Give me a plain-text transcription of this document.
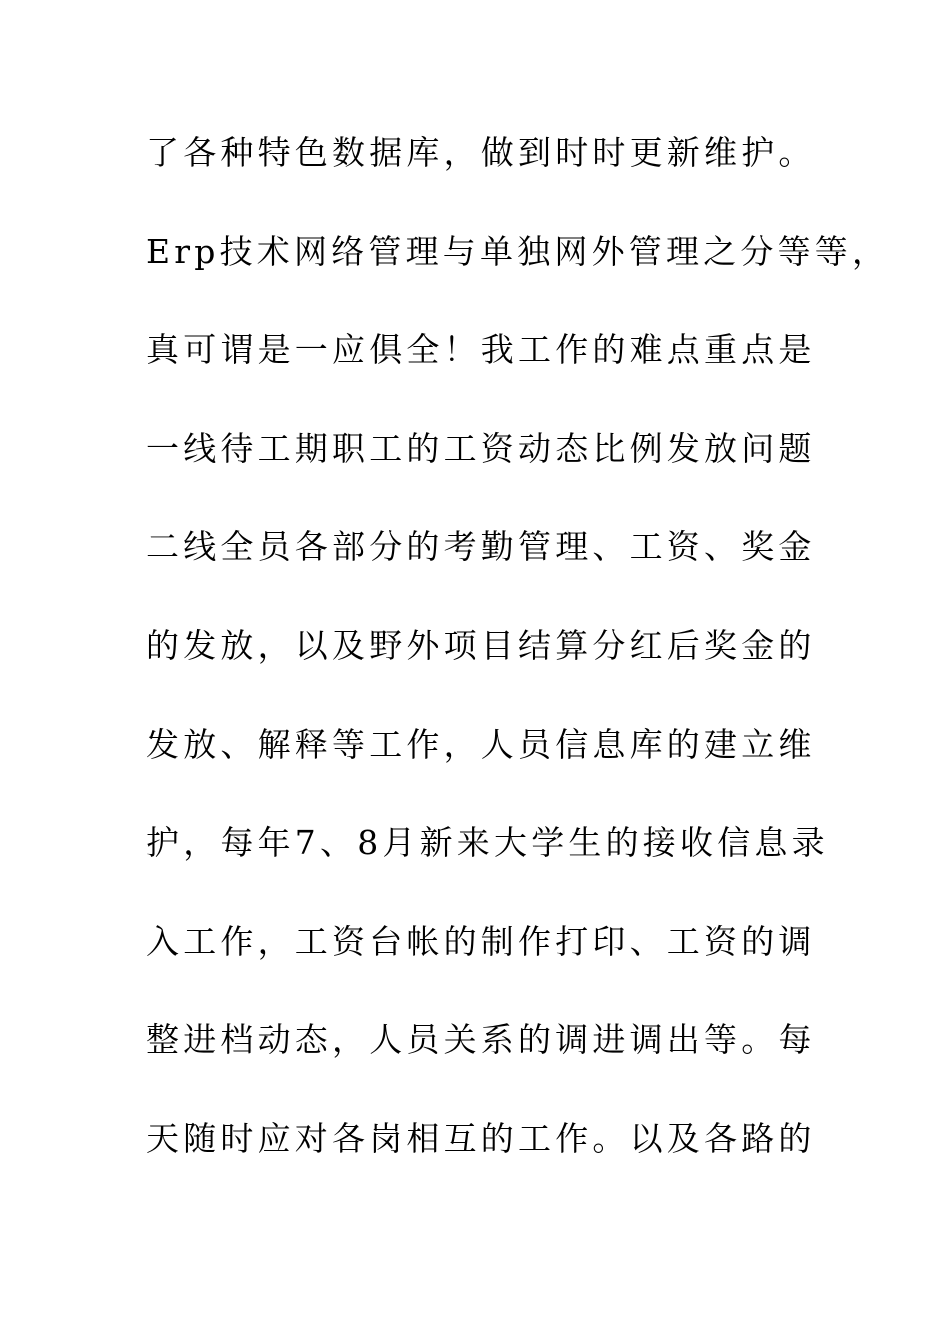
了各种特色数据库，做到时时更新维护。
Erp技术网络管理与单独网外管理之分等等，
真可谓是一应俱全！我工作的难点重点是
一线待工期职工的工资动态比例发放问题
二线全员各部分的考勤管理、工资、奖金
的发放，以及野外项目结算分红后奖金的
发放、解释等工作，人员信息库的建立维
护，每年7、8月新来大学生的接收信息录
入工作，工资台帐的制作打印、工资的调
整进档动态，人员关系的调进调出等。每
天随时应对各岗相互的工作。以及各路的
